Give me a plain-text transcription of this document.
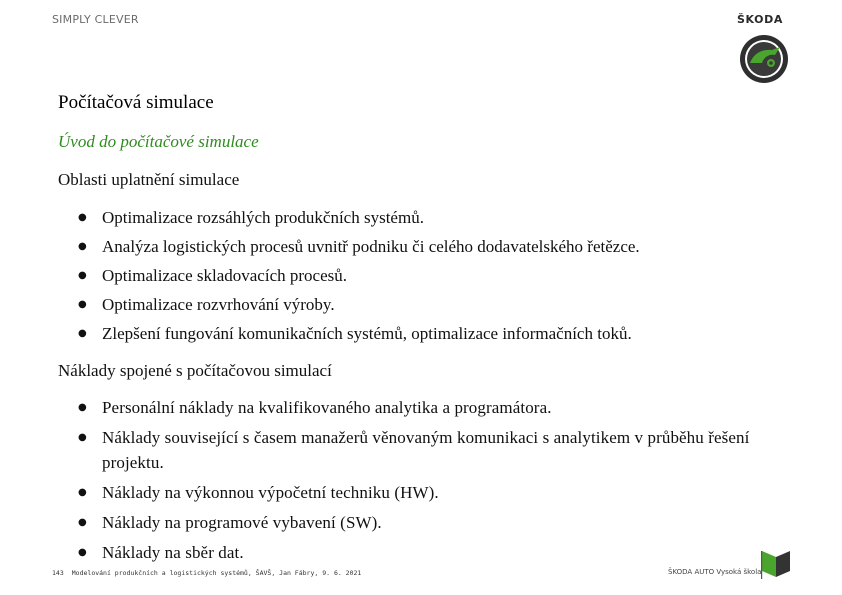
SIMPLY CLEVER	ŠKODA
Počítačová simulace
Úvod do počítačové simulace
Oblasti uplatnění simulace
● Optimalizace rozsáhlých produkčních systémů.
● Analýza logistických procesů uvnitř podniku či celého dodavatelského řetězce.
● Optimalizace skladovacích procesů.
● Optimalizace rozvrhování výroby.
● Zlepšení fungování komunikačních systémů, optimalizace informačních toků.
Náklady spojené s počítačovou simulací
● Personální náklady na kvalifikovaného analytika a programátora.
● Náklady související s časem manažerů věnovaným komunikaci s analytikem v průběhu řešení projektu.
● Náklady na výkonnou výpočetní techniku (HW).
● Náklady na programové vybavení (SW).
● Náklady na sběr dat.
143 Modelování produkčních a logistických systémů, ŠAVŠ, Jan Fábry, 9. 6. 2021	ŠKODA AUTO Vysoká škola
